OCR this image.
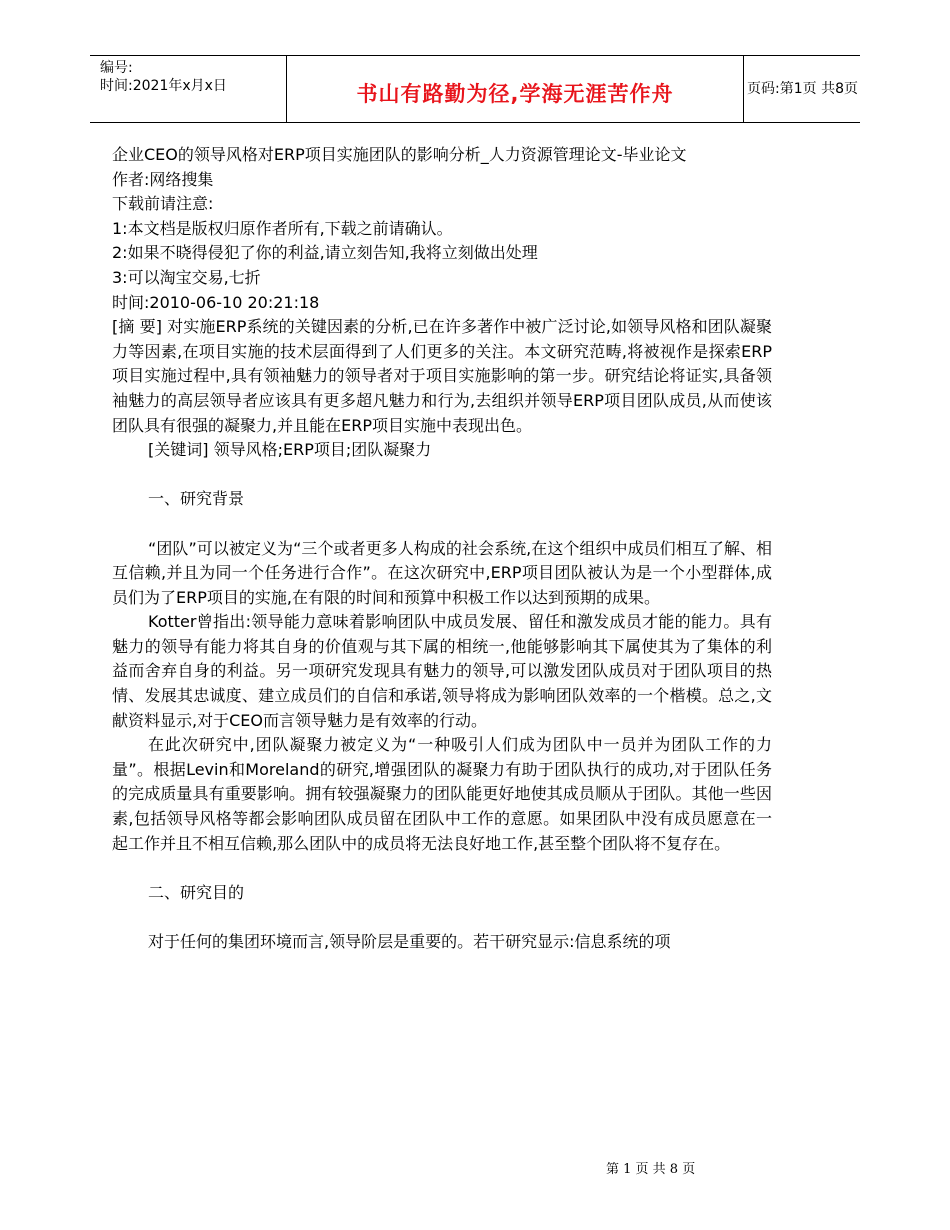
编号:
时间:2021年x月x日	书山有路勤为径,学海无涯苦作舟	页码:第1页 共8页

企业CEO的领导风格对ERP项目实施团队的影响分析_人力资源管理论文-毕业论文

作者:网络搜集
下载前请注意:
1:本文档是版权归原作者所有,下载之前请确认。
2:如果不晓得侵犯了你的利益,请立刻告知,我将立刻做出处理
3:可以淘宝交易,七折
时间:2010-06-10 20:21:18

[摘 要] 对实施ERP系统的关键因素的分析,已在许多著作中被广泛讨论,如领导风格和团队凝聚力等因素,在项目实施的技术层面得到了人们更多的关注。本文研究范畴,将被视作是探索ERP项目实施过程中,具有领袖魅力的领导者对于项目实施影响的第一步。研究结论将证实,具备领袖魅力的高层领导者应该具有更多超凡魅力和行为,去组织并领导ERP项目团队成员,从而使该团队具有很强的凝聚力,并且能在ERP项目实施中表现出色。

[关键词] 领导风格;ERP项目;团队凝聚力

一、研究背景

“团队”可以被定义为“三个或者更多人构成的社会系统,在这个组织中成员们相互了解、相互信赖,并且为同一个任务进行合作”。在这次研究中,ERP项目团队被认为是一个小型群体,成员们为了ERP项目的实施,在有限的时间和预算中积极工作以达到预期的成果。

Kotter曾指出:领导能力意味着影响团队中成员发展、留任和激发成员才能的能力。具有魅力的领导有能力将其自身的价值观与其下属的相统一,他能够影响其下属使其为了集体的利益而舍弃自身的利益。另一项研究发现具有魅力的领导,可以激发团队成员对于团队项目的热情、发展其忠诚度、建立成员们的自信和承诺,领导将成为影响团队效率的一个楷模。总之,文献资料显示,对于CEO而言领导魅力是有效率的行动。

在此次研究中,团队凝聚力被定义为“一种吸引人们成为团队中一员并为团队工作的力量”。根据Levin和Moreland的研究,增强团队的凝聚力有助于团队执行的成功,对于团队任务的完成质量具有重要影响。拥有较强凝聚力的团队能更好地使其成员顺从于团队。其他一些因素,包括领导风格等都会影响团队成员留在团队中工作的意愿。如果团队中没有成员愿意在一起工作并且不相互信赖,那么团队中的成员将无法良好地工作,甚至整个团队将不复存在。

二、研究目的

对于任何的集团环境而言,领导阶层是重要的。若干研究显示:信息系统的项

第 1 页 共 8 页
